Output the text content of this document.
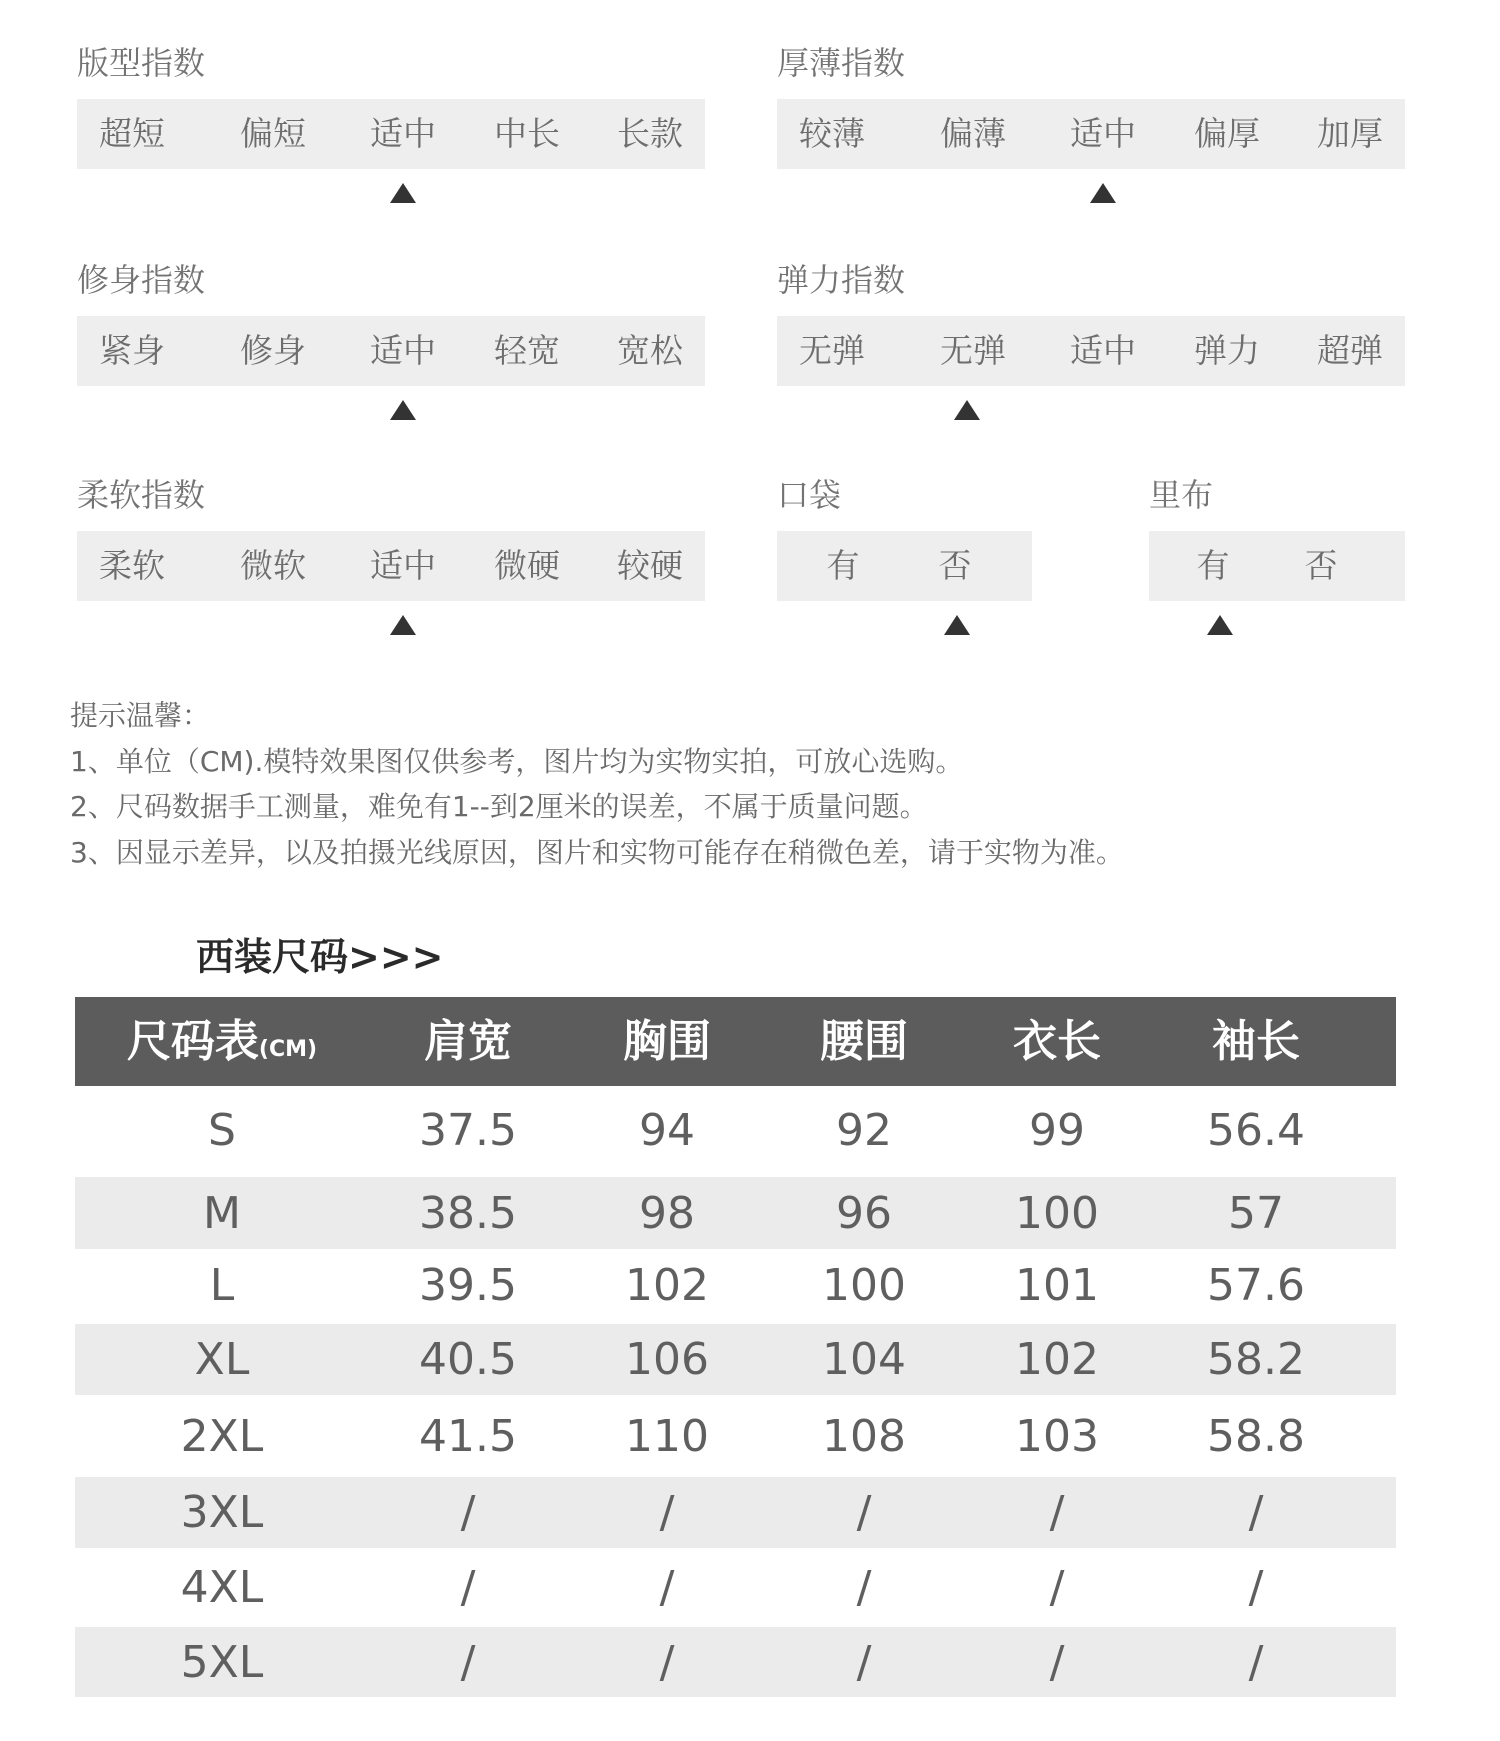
版型指数
超短 偏短 适中 中长 长款
厚薄指数
较薄 偏薄 适中 偏厚 加厚
修身指数
紧身 修身 适中 轻宽 宽松
弹力指数
无弹 无弹 适中 弹力 超弹
柔软指数
柔软 微软 适中 微硬 较硬
口袋
有 否
里布
有 否
提示温馨：
1、单位（CM).模特效果图仅供参考，图片均为实物实拍，可放心选购。
2、尺码数据手工测量，难免有1--到2厘米的误差，不属于质量问题。
3、因显示差异，以及拍摄光线原因，图片和实物可能存在稍微色差，请于实物为准。
西装尺码>>>
尺码表(CM) 肩宽	胸围 腰围 衣长	袖长
S	37.5	94	92	99	56.4
M	38.5	98	96	100	57
L	39.5 102	100 101 57.6
XL	40.5 106	104 102 58.2
2XL	41.5 110	108 103 58.8
3XL	/	/	/	/	/
4XL	/	/	/	/	/
5XL	/	/	/	/	/
